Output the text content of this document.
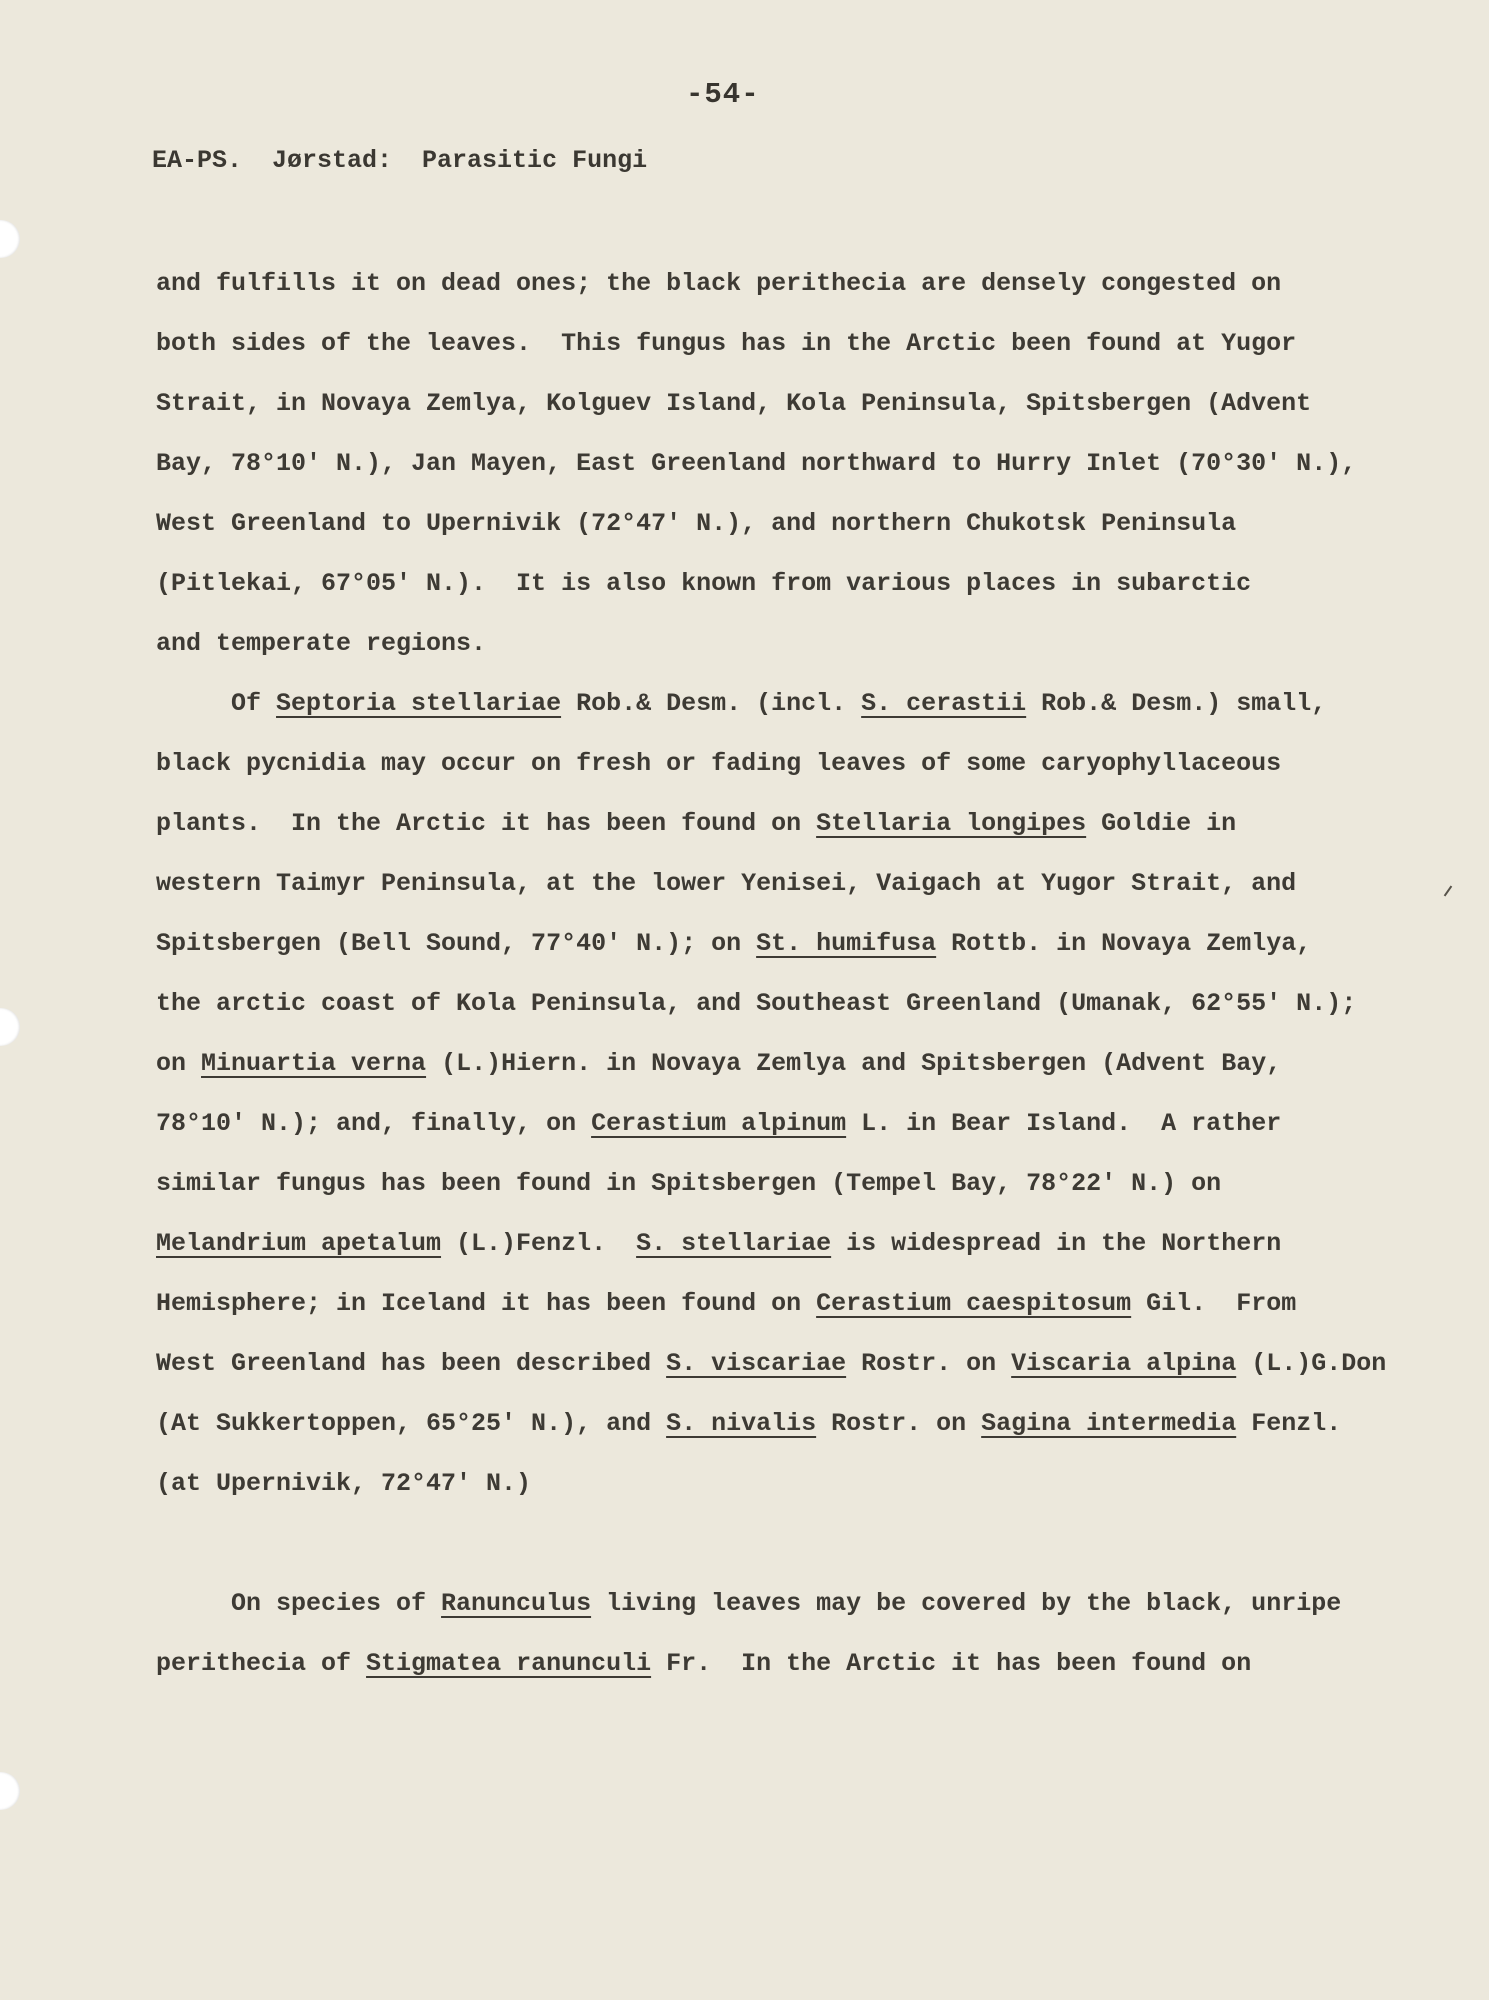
-54-
EA-PS.  Jørstad:  Parasitic Fungi
and fulfills it on dead ones; the black perithecia are densely congested on
both sides of the leaves.  This fungus has in the Arctic been found at Yugor
Strait, in Novaya Zemlya, Kolguev Island, Kola Peninsula, Spitsbergen (Advent
Bay, 78°10' N.), Jan Mayen, East Greenland northward to Hurry Inlet (70°30' N.),
West Greenland to Upernivik (72°47' N.), and northern Chukotsk Peninsula
(Pitlekai, 67°05' N.).  It is also known from various places in subarctic
and temperate regions.
Of Septoria stellariae Rob.& Desm. (incl. S. cerastii Rob.& Desm.) small,
black pycnidia may occur on fresh or fading leaves of some caryophyllaceous
plants.  In the Arctic it has been found on Stellaria longipes Goldie in
western Taimyr Peninsula, at the lower Yenisei, Vaigach at Yugor Strait, and
Spitsbergen (Bell Sound, 77°40' N.); on St. humifusa Rottb. in Novaya Zemlya,
the arctic coast of Kola Peninsula, and Southeast Greenland (Umanak, 62°55' N.);
on Minuartia verna (L.)Hiern. in Novaya Zemlya and Spitsbergen (Advent Bay,
78°10' N.); and, finally, on Cerastium alpinum L. in Bear Island.  A rather
similar fungus has been found in Spitsbergen (Tempel Bay, 78°22' N.) on
Melandrium apetalum (L.)Fenzl.  S. stellariae is widespread in the Northern
Hemisphere; in Iceland it has been found on Cerastium caespitosum Gil.  From
West Greenland has been described S. viscariae Rostr. on Viscaria alpina (L.)G.Don
(At Sukkertoppen, 65°25' N.), and S. nivalis Rostr. on Sagina intermedia Fenzl.
(at Upernivik, 72°47' N.)
On species of Ranunculus living leaves may be covered by the black, unripe
perithecia of Stigmatea ranunculi Fr.  In the Arctic it has been found on
